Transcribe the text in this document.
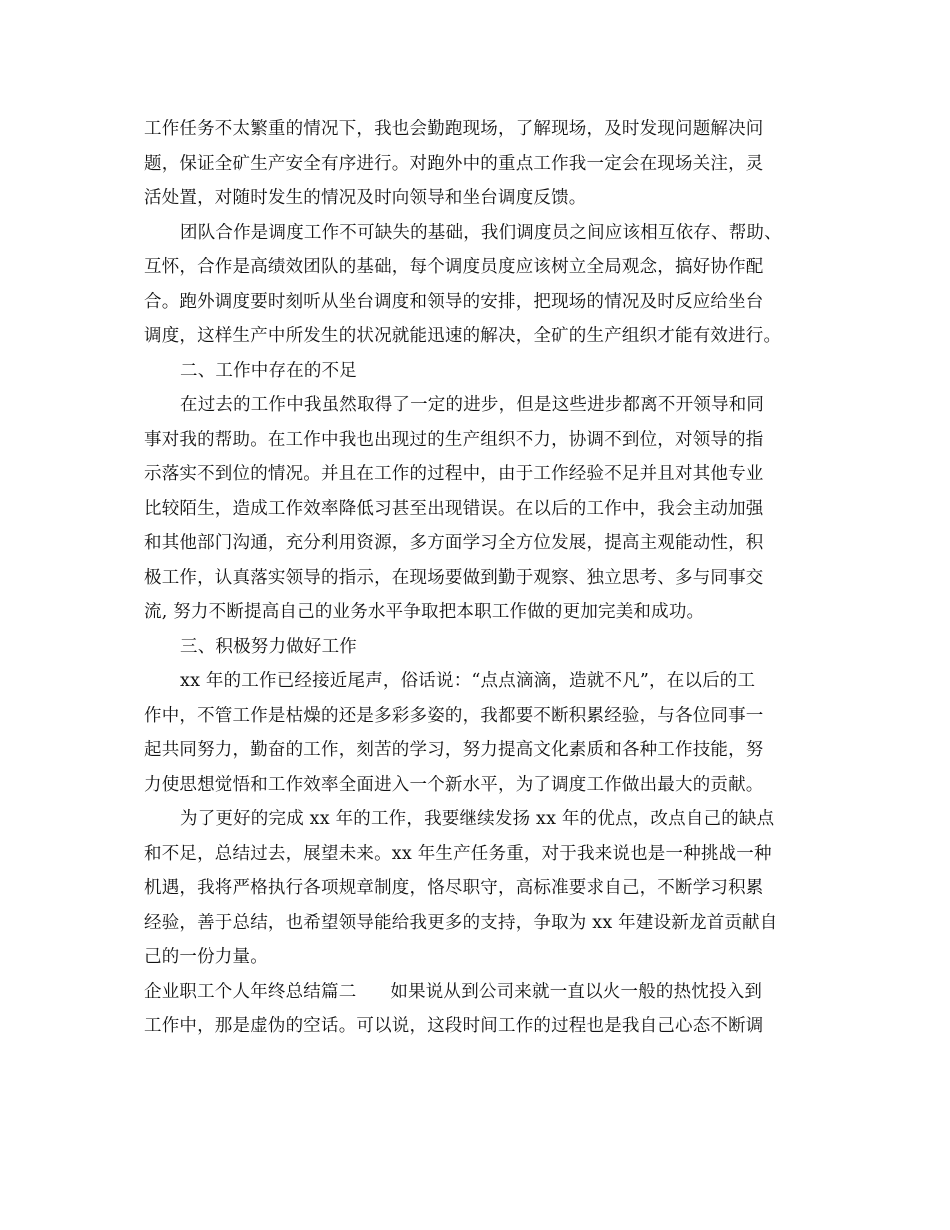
工作任务不太繁重的情况下，我也会勤跑现场，了解现场，及时发现问题解决问
题，保证全矿生产安全有序进行。对跑外中的重点工作我一定会在现场关注，灵
活处置，对随时发生的情况及时向领导和坐台调度反馈。
团队合作是调度工作不可缺失的基础，我们调度员之间应该相互依存、帮助、
互怀，合作是高绩效团队的基础，每个调度员度应该树立全局观念，搞好协作配
合。跑外调度要时刻听从坐台调度和领导的安排，把现场的情况及时反应给坐台
调度，这样生产中所发生的状况就能迅速的解决，全矿的生产组织才能有效进行。
二、工作中存在的不足
在过去的工作中我虽然取得了一定的进步，但是这些进步都离不开领导和同
事对我的帮助。在工作中我也出现过的生产组织不力，协调不到位，对领导的指
示落实不到位的情况。并且在工作的过程中，由于工作经验不足并且对其他专业
比较陌生，造成工作效率降低习甚至出现错误。在以后的工作中，我会主动加强
和其他部门沟通，充分利用资源，多方面学习全方位发展，提高主观能动性，积
极工作，认真落实领导的指示，在现场要做到勤于观察、独立思考、多与同事交
流, 努力不断提高自己的业务水平争取把本职工作做的更加完美和成功。
三、积极努力做好工作
xx 年的工作已经接近尾声，俗话说：“点点滴滴，造就不凡”，在以后的工
作中，不管工作是枯燥的还是多彩多姿的，我都要不断积累经验，与各位同事一
起共同努力，勤奋的工作，刻苦的学习，努力提高文化素质和各种工作技能，努
力使思想觉悟和工作效率全面进入一个新水平，为了调度工作做出最大的贡献。
为了更好的完成 xx 年的工作，我要继续发扬 xx 年的优点，改点自己的缺点
和不足，总结过去，展望未来。xx 年生产任务重，对于我来说也是一种挑战一种
机遇，我将严格执行各项规章制度，恪尽职守，高标准要求自己，不断学习积累
经验，善于总结，也希望领导能给我更多的支持，争取为 xx 年建设新龙首贡献自
己的一份力量。
企业职工个人年终总结篇二 如果说从到公司来就一直以火一般的热忱投入到
工作中，那是虚伪的空话。可以说，这段时间工作的过程也是我自己心态不断调
